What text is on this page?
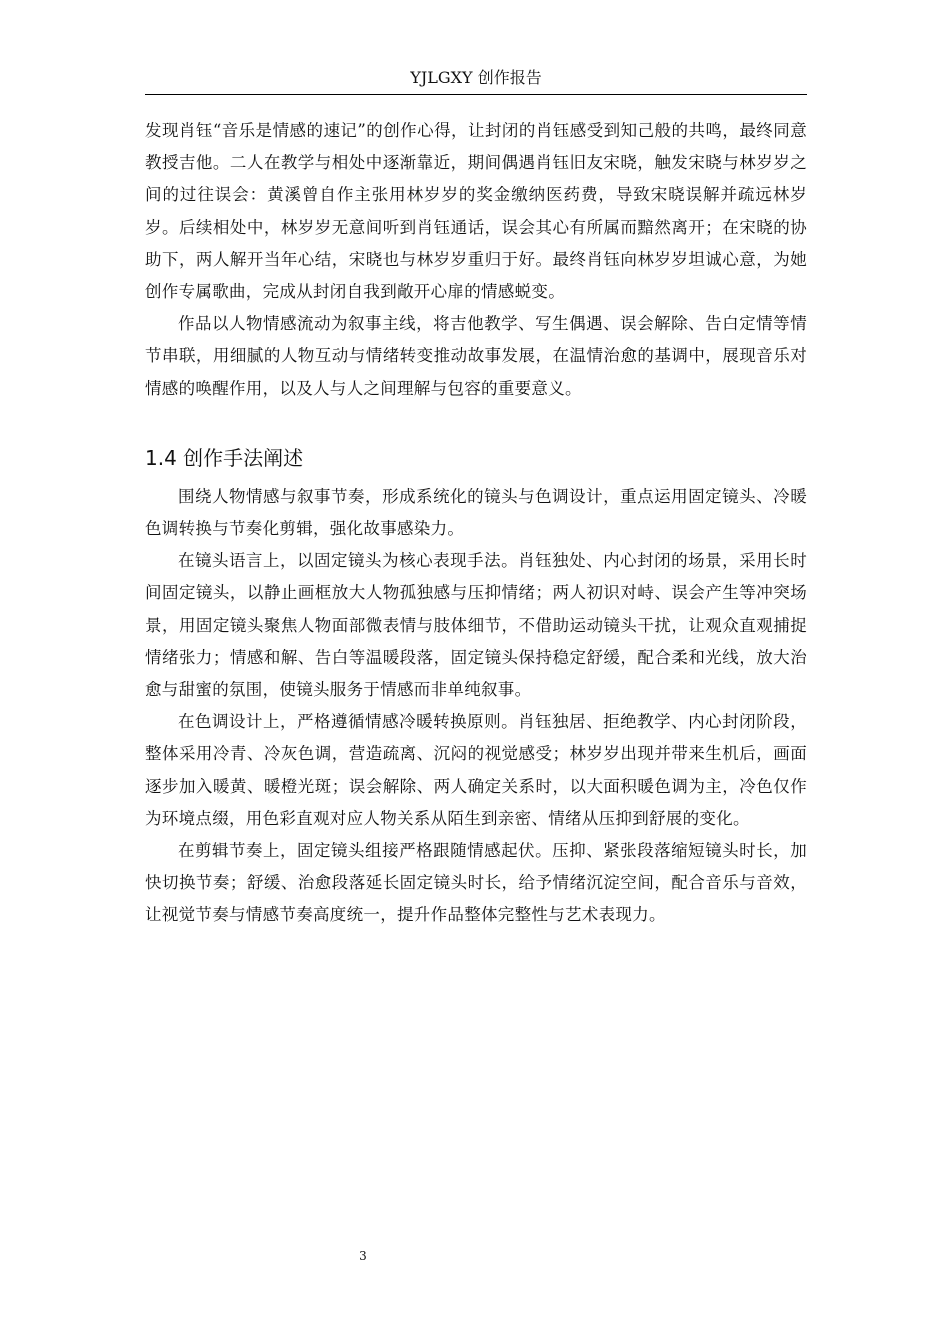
YJLGXY 创作报告

发现肖钰“音乐是情感的速记”的创作心得，让封闭的肖钰感受到知己般的共鸣，最终同意教授吉他。二人在教学与相处中逐渐靠近，期间偶遇肖钰旧友宋晓，触发宋晓与林岁岁之间的过往误会：黄溪曾自作主张用林岁岁的奖金缴纳医药费，导致宋晓误解并疏远林岁岁。后续相处中，林岁岁无意间听到肖钰通话，误会其心有所属而黯然离开；在宋晓的协助下，两人解开当年心结，宋晓也与林岁岁重归于好。最终肖钰向林岁岁坦诚心意，为她创作专属歌曲，完成从封闭自我到敞开心扉的情感蜕变。

作品以人物情感流动为叙事主线，将吉他教学、写生偶遇、误会解除、告白定情等情节串联，用细腻的人物互动与情绪转变推动故事发展，在温情治愈的基调中，展现音乐对情感的唤醒作用，以及人与人之间理解与包容的重要意义。

1.4 创作手法阐述

围绕人物情感与叙事节奏，形成系统化的镜头与色调设计，重点运用固定镜头、冷暖色调转换与节奏化剪辑，强化故事感染力。

在镜头语言上，以固定镜头为核心表现手法。肖钰独处、内心封闭的场景，采用长时间固定镜头，以静止画框放大人物孤独感与压抑情绪；两人初识对峙、误会产生等冲突场景，用固定镜头聚焦人物面部微表情与肢体细节，不借助运动镜头干扰，让观众直观捕捉情绪张力；情感和解、告白等温暖段落，固定镜头保持稳定舒缓，配合柔和光线，放大治愈与甜蜜的氛围，使镜头服务于情感而非单纯叙事。

在色调设计上，严格遵循情感冷暖转换原则。肖钰独居、拒绝教学、内心封闭阶段，整体采用冷青、冷灰色调，营造疏离、沉闷的视觉感受；林岁岁出现并带来生机后，画面逐步加入暖黄、暖橙光斑；误会解除、两人确定关系时，以大面积暖色调为主，冷色仅作为环境点缀，用色彩直观对应人物关系从陌生到亲密、情绪从压抑到舒展的变化。

在剪辑节奏上，固定镜头组接严格跟随情感起伏。压抑、紧张段落缩短镜头时长，加快切换节奏；舒缓、治愈段落延长固定镜头时长，给予情绪沉淀空间，配合音乐与音效，让视觉节奏与情感节奏高度统一，提升作品整体完整性与艺术表现力。

3
